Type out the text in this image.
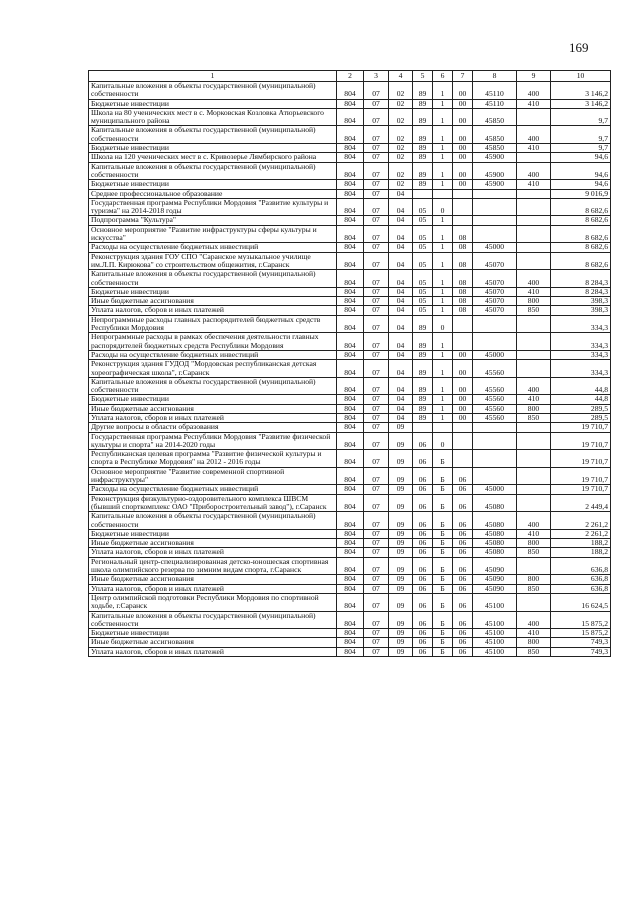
169
1	2	3	4	5	6	7	8	9	10
Капитальные вложения в объекты государственной (муниципальной) собственности	804	07	02	89	1	00	45110	400	3 146,2
Бюджетные инвестиции	804	07	02	89	1	00	45110	410	3 146,2
Школа на 80 ученических мест в с. Морковская Козловка Атюрьевского муниципального района	804	07	02	89	1	00	45850		9,7
Капитальные вложения в объекты государственной (муниципальной) собственности	804	07	02	89	1	00	45850	400	9,7
Бюджетные инвестиции	804	07	02	89	1	00	45850	410	9,7
Школа на 120 ученических мест в с. Кривозерье Лямбирского района	804	07	02	89	1	00	45900		94,6
Капитальные вложения в объекты государственной (муниципальной) собственности	804	07	02	89	1	00	45900	400	94,6
Бюджетные инвестиции	804	07	02	89	1	00	45900	410	94,6
Среднее профессиональное образование	804	07	04						9 016,9
Государственная программа Республики Мордовия "Развитие культуры и туризма" на 2014-2018 годы	804	07	04	05	0				8 682,6
Подпрограмма "Культура"	804	07	04	05	1				8 682,6
Основное мероприятие "Развитие инфраструктуры сферы культуры и искусства"	804	07	04	05	1	08			8 682,6
Расходы на осуществление бюджетных инвестиций	804	07	04	05	1	08	45000		8 682,6
Реконструкция здания ГОУ СПО "Саранское музыкальное училище им.Л.П. Кирюкова" со строительством общежития, г.Саранск	804	07	04	05	1	08	45070		8 682,6
Капитальные вложения в объекты государственной (муниципальной) собственности	804	07	04	05	1	08	45070	400	8 284,3
Бюджетные инвестиции	804	07	04	05	1	08	45070	410	8 284,3
Иные бюджетные ассигнования	804	07	04	05	1	08	45070	800	398,3
Уплата налогов, сборов и иных платежей	804	07	04	05	1	08	45070	850	398,3
Непрограммные расходы главных распорядителей бюджетных средств Республики Мордовия	804	07	04	89	0				334,3
Непрограммные расходы в рамках обеспечения деятельности главных распорядителей бюджетных средств Республики Мордовия	804	07	04	89	1				334,3
Расходы на осуществление бюджетных инвестиций	804	07	04	89	1	00	45000		334,3
Реконструкция здания ГУДОД "Мордовская республиканская детская хореографическая школа", г.Саранск	804	07	04	89	1	00	45560		334,3
Капитальные вложения в объекты государственной (муниципальной) собственности	804	07	04	89	1	00	45560	400	44,8
Бюджетные инвестиции	804	07	04	89	1	00	45560	410	44,8
Иные бюджетные ассигнования	804	07	04	89	1	00	45560	800	289,5
Уплата налогов, сборов и иных платежей	804	07	04	89	1	00	45560	850	289,5
Другие вопросы в области образования	804	07	09						19 710,7
Государственная программа Республики Мордовия "Развитие физической культуры и спорта" на 2014-2020 годы	804	07	09	06	0				19 710,7
Республиканская целевая программа "Развитие физической культуры и спорта в Республике Мордовия" на 2012 - 2016 годы	804	07	09	06	Б				19 710,7
Основное мероприятие "Развитие современной спортивной инфраструктуры"	804	07	09	06	Б	06			19 710,7
Расходы на осуществление бюджетных инвестиций	804	07	09	06	Б	06	45000		19 710,7
Реконструкция физкультурно-оздоровительного комплекса ШВСМ (бывший спорткомплекс ОАО "Приборостроительный завод"), г.Саранск	804	07	09	06	Б	06	45080		2 449,4
Капитальные вложения в объекты государственной (муниципальной) собственности	804	07	09	06	Б	06	45080	400	2 261,2
Бюджетные инвестиции	804	07	09	06	Б	06	45080	410	2 261,2
Иные бюджетные ассигнования	804	07	09	06	Б	06	45080	800	188,2
Уплата налогов, сборов и иных платежей	804	07	09	06	Б	06	45080	850	188,2
Региональный центр-специализированная детско-юношеская спортивная школа олимпийского резерва по зимним видам спорта, г.Саранск	804	07	09	06	Б	06	45090		636,8
Иные бюджетные ассигнования	804	07	09	06	Б	06	45090	800	636,8
Уплата налогов, сборов и иных платежей	804	07	09	06	Б	06	45090	850	636,8
Центр олимпийской подготовки Республики Мордовия по спортивной ходьбе, г.Саранск	804	07	09	06	Б	06	45100		16 624,5
Капитальные вложения в объекты государственной (муниципальной) собственности	804	07	09	06	Б	06	45100	400	15 875,2
Бюджетные инвестиции	804	07	09	06	Б	06	45100	410	15 875,2
Иные бюджетные ассигнования	804	07	09	06	Б	06	45100	800	749,3
Уплата налогов, сборов и иных платежей	804	07	09	06	Б	06	45100	850	749,3
